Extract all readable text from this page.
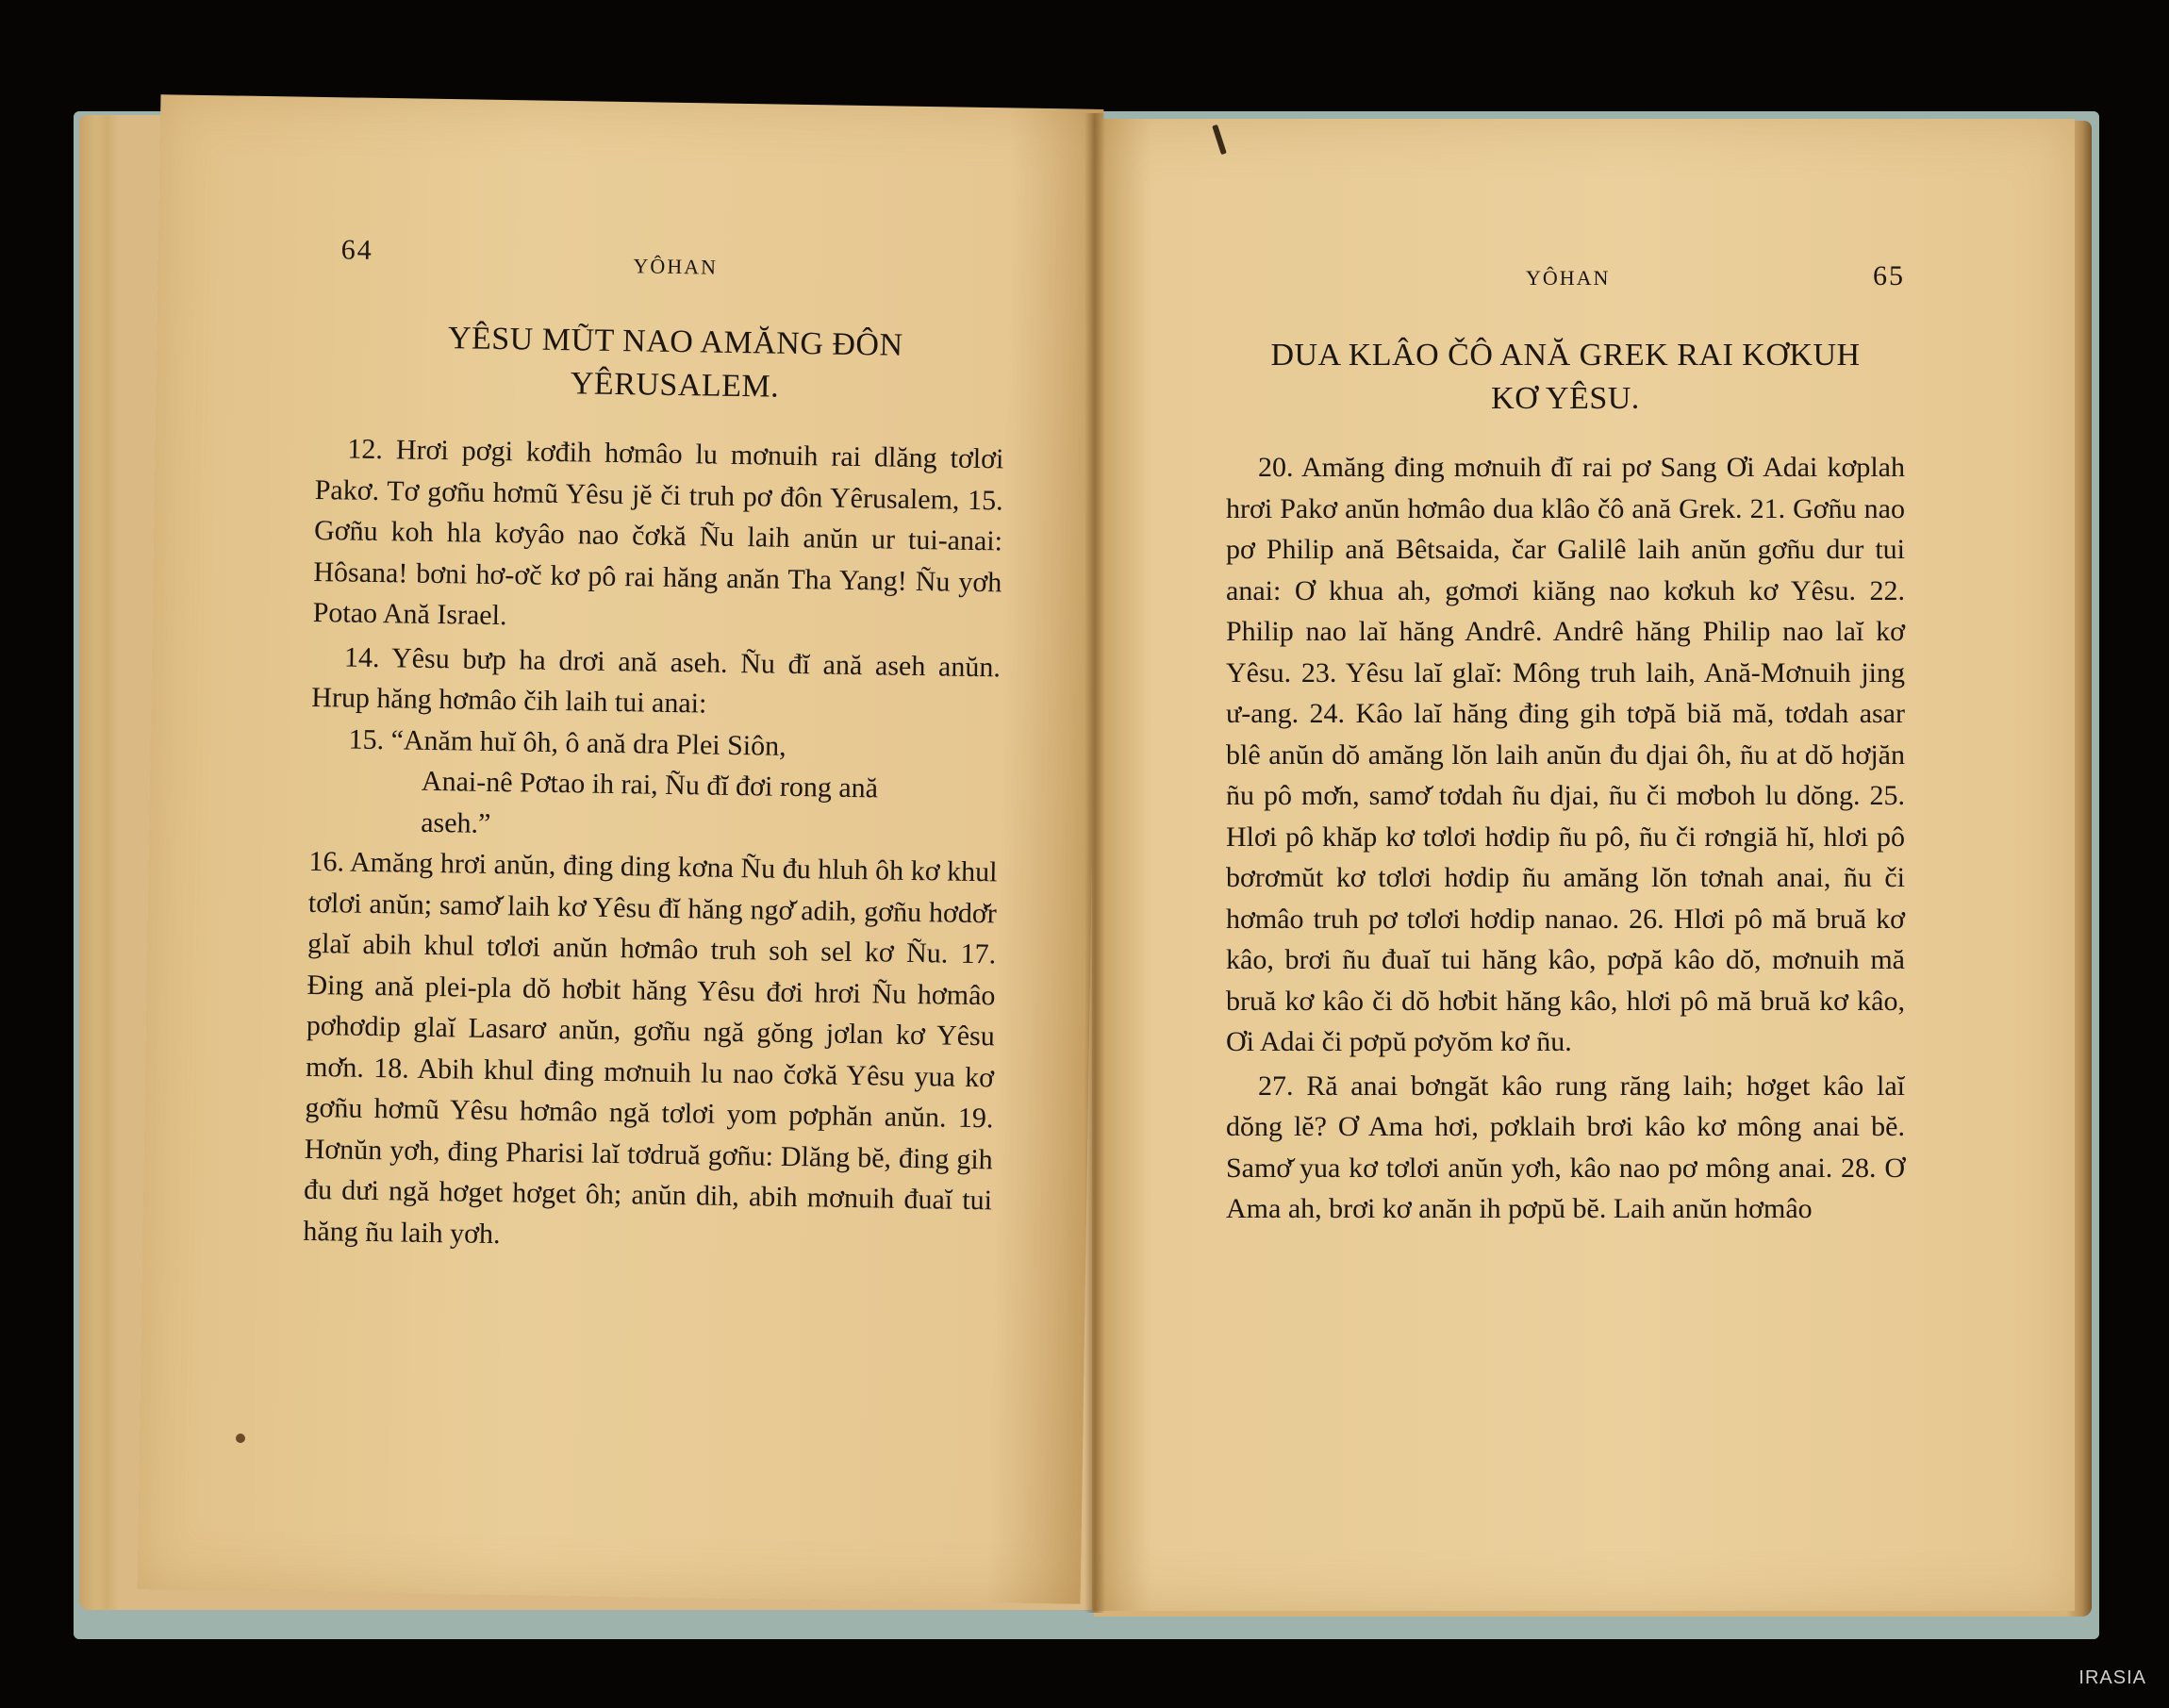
64
YÔHAN
YÊSU MŨT NAO AMĂNG ĐÔN
YÊRUSALEM.

12. Hrơi pơgi kơđih hơmâo lu mơnuih rai dlăng tơlơi Pakơ. Tơ gơñu hơmũ Yêsu jĕ či truh pơ đôn Yêrusalem, 15. Gơñu koh hla kơyâo nao čơkă Ñu laih anŭn ur tui-anai: Hôsana! bơni hơ-ơč kơ pô rai hăng anăn Tha Yang! Ñu yơh Potao Ană Israel.

14. Yêsu bưp ha drơi ană aseh. Ñu đĭ ană aseh anŭn. Hrup hăng hơmâo čih laih tui anai:

15. “Anăm huĭ ôh, ô ană dra Plei Siôn,
Anai-nê Pơtao ih rai, Ñu đĭ đơi rong ană
aseh.”

16. Amăng hrơi anŭn, đing ding kơna Ñu đu hluh ôh kơ khul tơlơi anŭn; samơ̆ laih kơ Yêsu đĭ hăng ngơ̆ adih, gơñu hơdơ̆r glaĭ abih khul tơlơi anŭn hơmâo truh soh sel kơ Ñu. 17. Đing ană plei-pla dŏ hơbit hăng Yêsu đơi hrơi Ñu hơmâo pơhơdip glaĭ Lasarơ anŭn, gơñu ngă gŏng jơlan kơ Yêsu mơ̆n. 18. Abih khul đing mơnuih lu nao čơkă Yêsu yua kơ gơñu hơmũ Yêsu hơmâo ngă tơlơi yom pơphăn anŭn. 19. Hơnŭn yơh, đing Pharisi laĭ tơdruă gơñu: Dlăng bĕ, đing gih đu dưi ngă hơget hơget ôh; anŭn dih, abih mơnuih đuaĭ tui hăng ñu laih yơh.

YÔHAN	65
DUA KLÂO ČÔ ANĂ GREK RAI KƠKUH
KƠ YÊSU.

20. Amăng đing mơnuih đĭ rai pơ Sang Ơi Adai kơplah hrơi Pakơ anŭn hơmâo dua klâo čô ană Grek. 21. Gơñu nao pơ Philip ană Bêtsaida, čar Galilê laih anŭn gơñu dur tui anai: Ơ khua ah, gơmơi kiăng nao kơkuh kơ Yêsu. 22. Philip nao laĭ hăng Andrê. Andrê hăng Philip nao laĭ kơ Yêsu. 23. Yêsu laĭ glaĭ: Mông truh laih, Ană-Mơnuih jing ư-ang. 24. Kâo laĭ hăng đing gih tơpă biă mă, tơdah asar blê anŭn dŏ amăng lŏn laih anŭn đu djai ôh, ñu at dŏ hơjăn ñu pô mơ̆n, samơ̆ tơdah ñu djai, ñu či mơboh lu dŏng. 25. Hlơi pô khăp kơ tơlơi hơdip ñu pô, ñu či rơngiă hĭ, hlơi pô bơrơmŭt kơ tơlơi hơdip ñu amăng lŏn tơnah anai, ñu či hơmâo truh pơ tơlơi hơdip nanao. 26. Hlơi pô mă bruă kơ kâo, brơi ñu đuaĭ tui hăng kâo, pơpă kâo dŏ, mơnuih mă bruă kơ kâo či dŏ hơbit hăng kâo, hlơi pô mă bruă kơ kâo, Ơi Adai či pơpŭ pơyŏm kơ ñu.

27. Ră anai bơngăt kâo rung răng laih; hơget kâo laĭ dŏng lĕ? Ơ Ama hơi, pơklaih brơi kâo kơ mông anai bĕ. Samơ̆ yua kơ tơlơi anŭn yơh, kâo nao pơ mông anai. 28. Ơ Ama ah, brơi kơ anăn ih pơpŭ bĕ. Laih anŭn hơmâo

IRASIA
